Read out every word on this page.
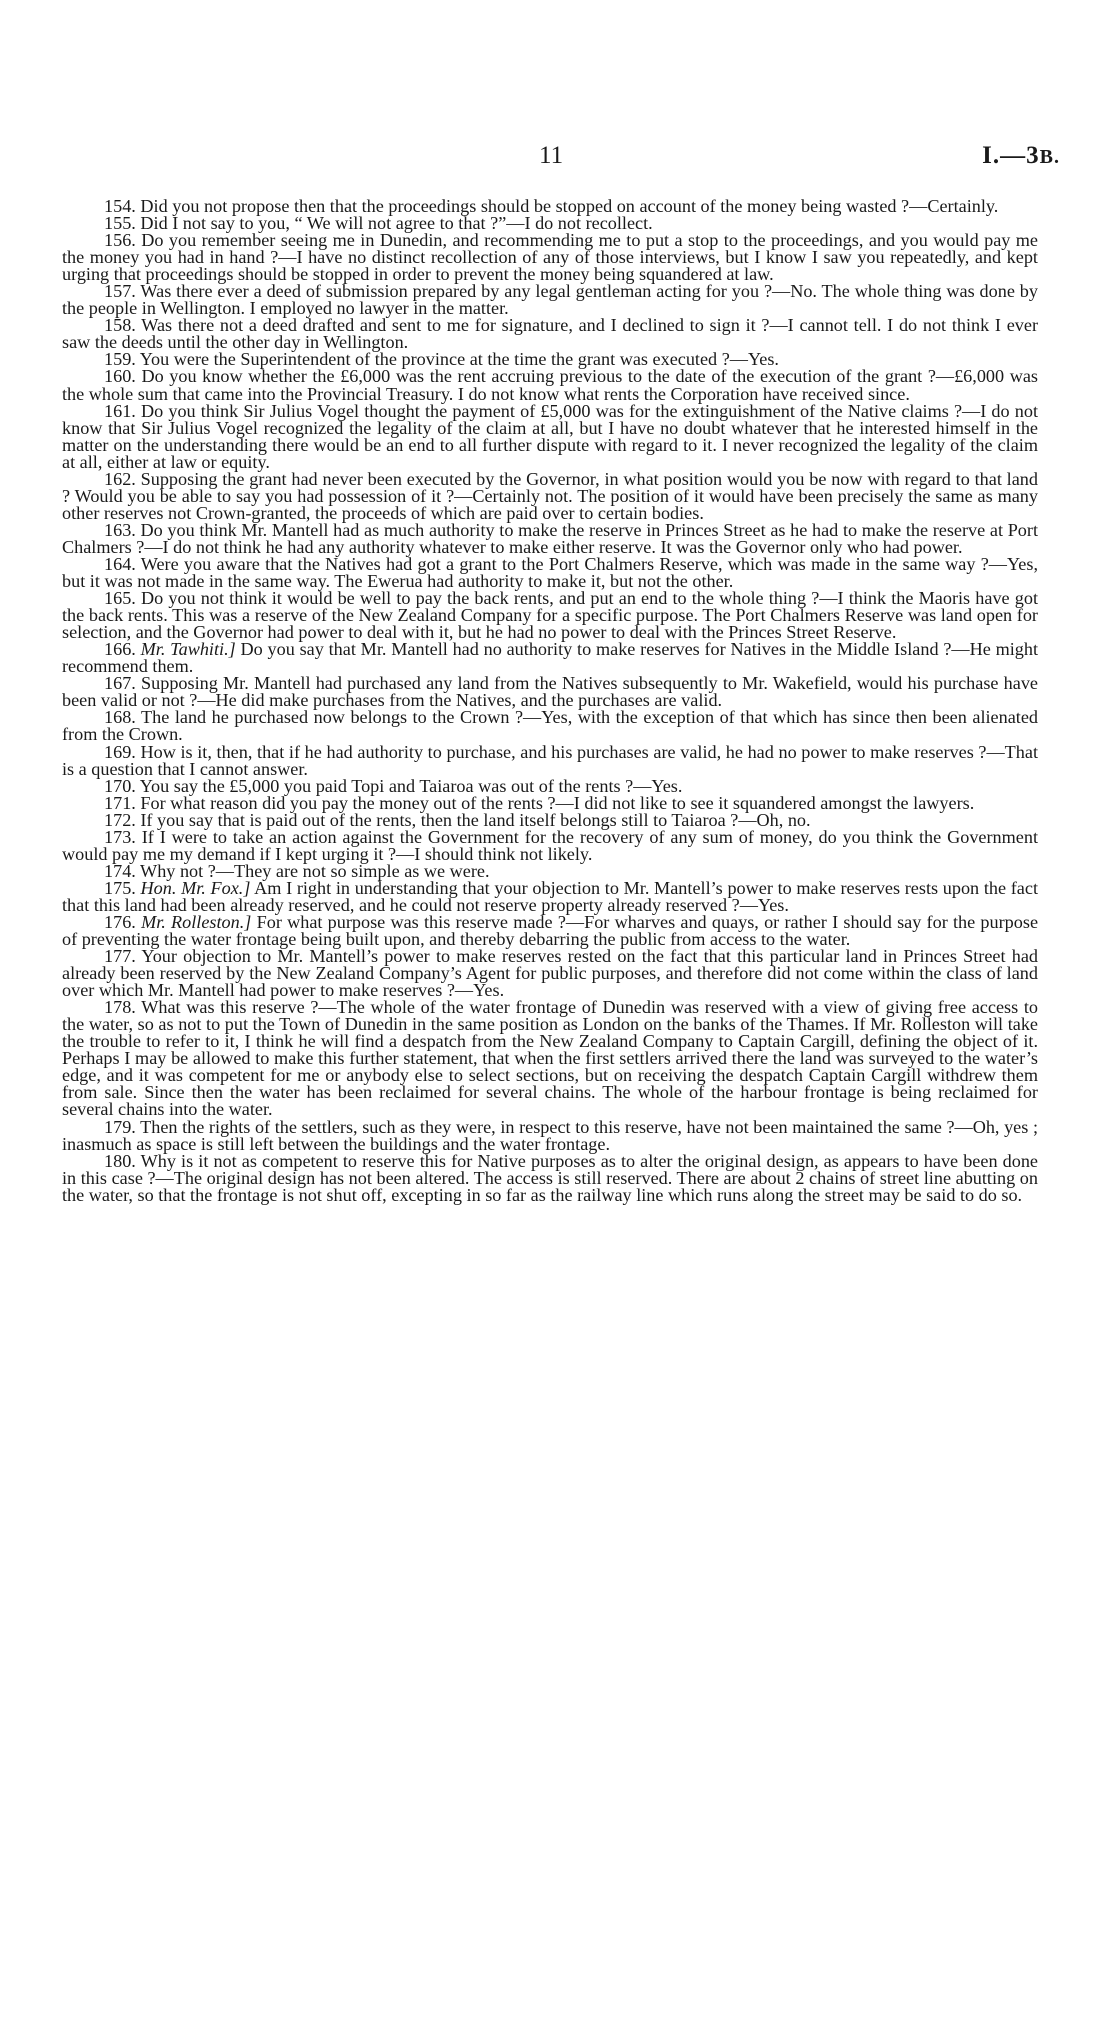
11	I.—3B.

154. Did you not propose then that the proceedings should be stopped on account of the money being wasted ?—Certainly.

155. Did I not say to you, “ We will not agree to that ?”—I do not recollect.

156. Do you remember seeing me in Dunedin, and recommending me to put a stop to the proceedings, and you would pay me the money you had in hand ?—I have no distinct recollection of any of those interviews, but I know I saw you repeatedly, and kept urging that proceedings should be stopped in order to prevent the money being squandered at law.

157. Was there ever a deed of submission prepared by any legal gentleman acting for you ?—No. The whole thing was done by the people in Wellington. I employed no lawyer in the matter.

158. Was there not a deed drafted and sent to me for signature, and I declined to sign it ?—I cannot tell. I do not think I ever saw the deeds until the other day in Wellington.

159. You were the Superintendent of the province at the time the grant was executed ?—Yes.

160. Do you know whether the £6,000 was the rent accruing previous to the date of the execution of the grant ?—£6,000 was the whole sum that came into the Provincial Treasury. I do not know what rents the Corporation have received since.

161. Do you think Sir Julius Vogel thought the payment of £5,000 was for the extinguishment of the Native claims ?—I do not know that Sir Julius Vogel recognized the legality of the claim at all, but I have no doubt whatever that he interested himself in the matter on the understanding there would be an end to all further dispute with regard to it. I never recognized the legality of the claim at all, either at law or equity.

162. Supposing the grant had never been executed by the Governor, in what position would you be now with regard to that land ? Would you be able to say you had possession of it ?—Certainly not. The position of it would have been precisely the same as many other reserves not Crown-granted, the proceeds of which are paid over to certain bodies.

163. Do you think Mr. Mantell had as much authority to make the reserve in Princes Street as he had to make the reserve at Port Chalmers ?—I do not think he had any authority whatever to make either reserve. It was the Governor only who had power.

164. Were you aware that the Natives had got a grant to the Port Chalmers Reserve, which was made in the same way ?—Yes, but it was not made in the same way. The Ewerua had authority to make it, but not the other.

165. Do you not think it would be well to pay the back rents, and put an end to the whole thing ?—I think the Maoris have got the back rents. This was a reserve of the New Zealand Company for a specific purpose. The Port Chalmers Reserve was land open for selection, and the Governor had power to deal with it, but he had no power to deal with the Princes Street Reserve.

166. Mr. Tawhiti.] Do you say that Mr. Mantell had no authority to make reserves for Natives in the Middle Island ?—He might recommend them.

167. Supposing Mr. Mantell had purchased any land from the Natives subsequently to Mr. Wakefield, would his purchase have been valid or not ?—He did make purchases from the Natives, and the purchases are valid.

168. The land he purchased now belongs to the Crown ?—Yes, with the exception of that which has since then been alienated from the Crown.

169. How is it, then, that if he had authority to purchase, and his purchases are valid, he had no power to make reserves ?—That is a question that I cannot answer.

170. You say the £5,000 you paid Topi and Taiaroa was out of the rents ?—Yes.

171. For what reason did you pay the money out of the rents ?—I did not like to see it squandered amongst the lawyers.

172. If you say that is paid out of the rents, then the land itself belongs still to Taiaroa ?—Oh, no.

173. If I were to take an action against the Government for the recovery of any sum of money, do you think the Government would pay me my demand if I kept urging it ?—I should think not likely.

174. Why not ?—They are not so simple as we were.

175. Hon. Mr. Fox.] Am I right in understanding that your objection to Mr. Mantell’s power to make reserves rests upon the fact that this land had been already reserved, and he could not reserve property already reserved ?—Yes.

176. Mr. Rolleston.] For what purpose was this reserve made ?—For wharves and quays, or rather I should say for the purpose of preventing the water frontage being built upon, and thereby debarring the public from access to the water.

177. Your objection to Mr. Mantell’s power to make reserves rested on the fact that this particular land in Princes Street had already been reserved by the New Zealand Company’s Agent for public purposes, and therefore did not come within the class of land over which Mr. Mantell had power to make reserves ?—Yes.

178. What was this reserve ?—The whole of the water frontage of Dunedin was reserved with a view of giving free access to the water, so as not to put the Town of Dunedin in the same position as London on the banks of the Thames. If Mr. Rolleston will take the trouble to refer to it, I think he will find a despatch from the New Zealand Company to Captain Cargill, defining the object of it. Perhaps I may be allowed to make this further statement, that when the first settlers arrived there the land was surveyed to the water’s edge, and it was competent for me or anybody else to select sections, but on receiving the despatch Captain Cargill withdrew them from sale. Since then the water has been reclaimed for several chains. The whole of the harbour frontage is being reclaimed for several chains into the water.

179. Then the rights of the settlers, such as they were, in respect to this reserve, have not been maintained the same ?—Oh, yes ; inasmuch as space is still left between the buildings and the water frontage.

180. Why is it not as competent to reserve this for Native purposes as to alter the original design, as appears to have been done in this case ?—The original design has not been altered. The access is still reserved. There are about 2 chains of street line abutting on the water, so that the frontage is not shut off, excepting in so far as the railway line which runs along the street may be said to do so.
